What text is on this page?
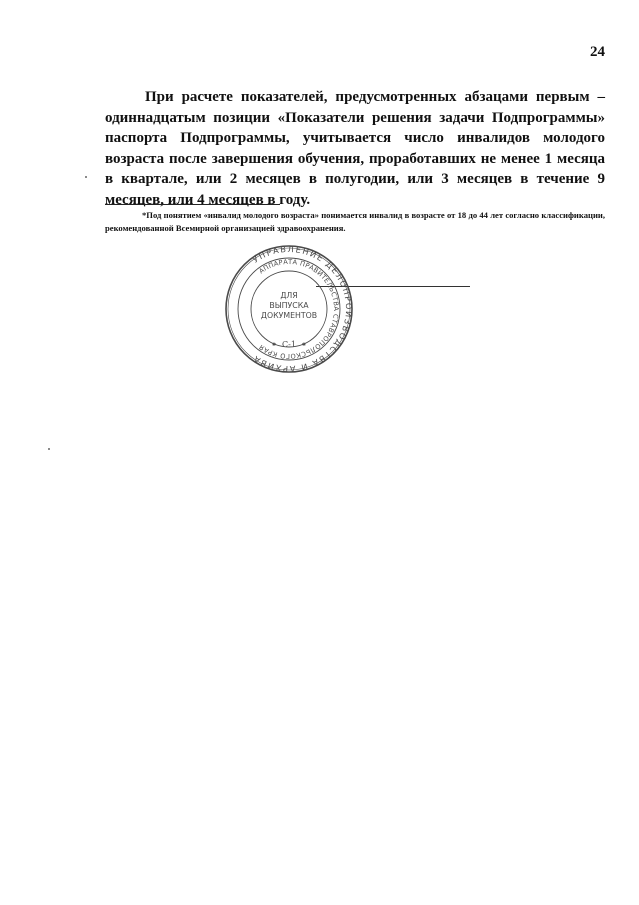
24

При расчете показателей, предусмотренных абзацами первым – одиннадцатым позиции «Показатели решения задачи Подпрограммы» паспорта Подпрограммы, учитывается число инвалидов молодого возраста после завершения обучения, проработавших не менее 1 месяца в квартале, или 2 месяцев в полугодии, или 3 месяцев в течение 9 месяцев, или 4 месяцев в году.

*Под понятием «инвалид молодого возраста» понимается инвалид в возрасте от 18 до 44 лет согласно классификации, рекомендованной Всемирной организацией здравоохранения.

УПРАВЛЕНИЕ ДЕЛОПРОИЗВОДСТВА И АРХИВА
АППАРАТА ПРАВИТЕЛЬСТВА СТАВРОПОЛЬСКОГО КРАЯ
ДЛЯ
ВЫПУСКА
ДОКУМЕНТОВ
С-1
✱	✱
